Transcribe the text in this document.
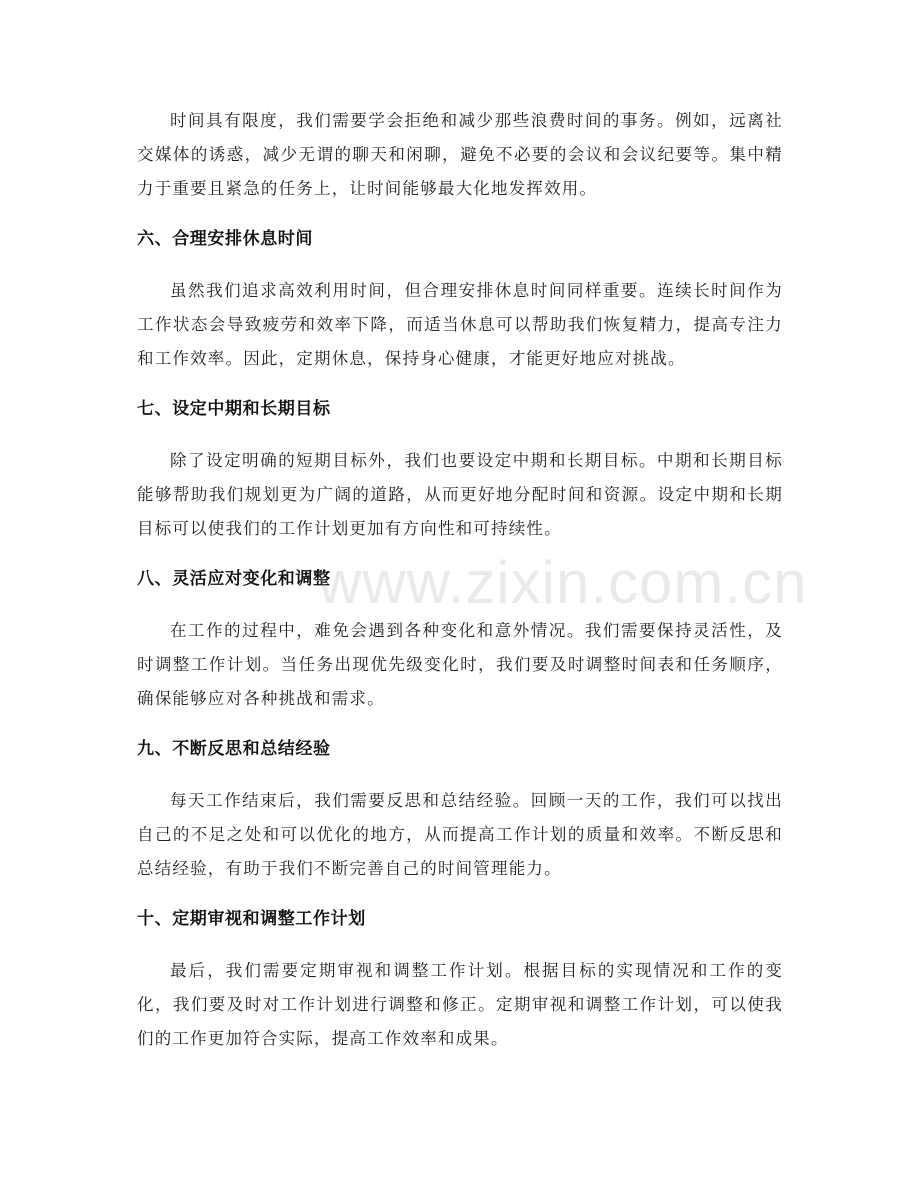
时间具有限度，我们需要学会拒绝和减少那些浪费时间的事务。例如，远离社交媒体的诱惑，减少无谓的聊天和闲聊，避免不必要的会议和会议纪要等。集中精力于重要且紧急的任务上，让时间能够最大化地发挥效用。

六、合理安排休息时间

虽然我们追求高效利用时间，但合理安排休息时间同样重要。连续长时间作为工作状态会导致疲劳和效率下降，而适当休息可以帮助我们恢复精力，提高专注力和工作效率。因此，定期休息，保持身心健康，才能更好地应对挑战。

七、设定中期和长期目标

除了设定明确的短期目标外，我们也要设定中期和长期目标。中期和长期目标能够帮助我们规划更为广阔的道路，从而更好地分配时间和资源。设定中期和长期目标可以使我们的工作计划更加有方向性和可持续性。

八、灵活应对变化和调整

在工作的过程中，难免会遇到各种变化和意外情况。我们需要保持灵活性，及时调整工作计划。当任务出现优先级变化时，我们要及时调整时间表和任务顺序，确保能够应对各种挑战和需求。

九、不断反思和总结经验

每天工作结束后，我们需要反思和总结经验。回顾一天的工作，我们可以找出自己的不足之处和可以优化的地方，从而提高工作计划的质量和效率。不断反思和总结经验，有助于我们不断完善自己的时间管理能力。

十、定期审视和调整工作计划

最后，我们需要定期审视和调整工作计划。根据目标的实现情况和工作的变化，我们要及时对工作计划进行调整和修正。定期审视和调整工作计划，可以使我们的工作更加符合实际，提高工作效率和成果。

www.zixin.com.cn
